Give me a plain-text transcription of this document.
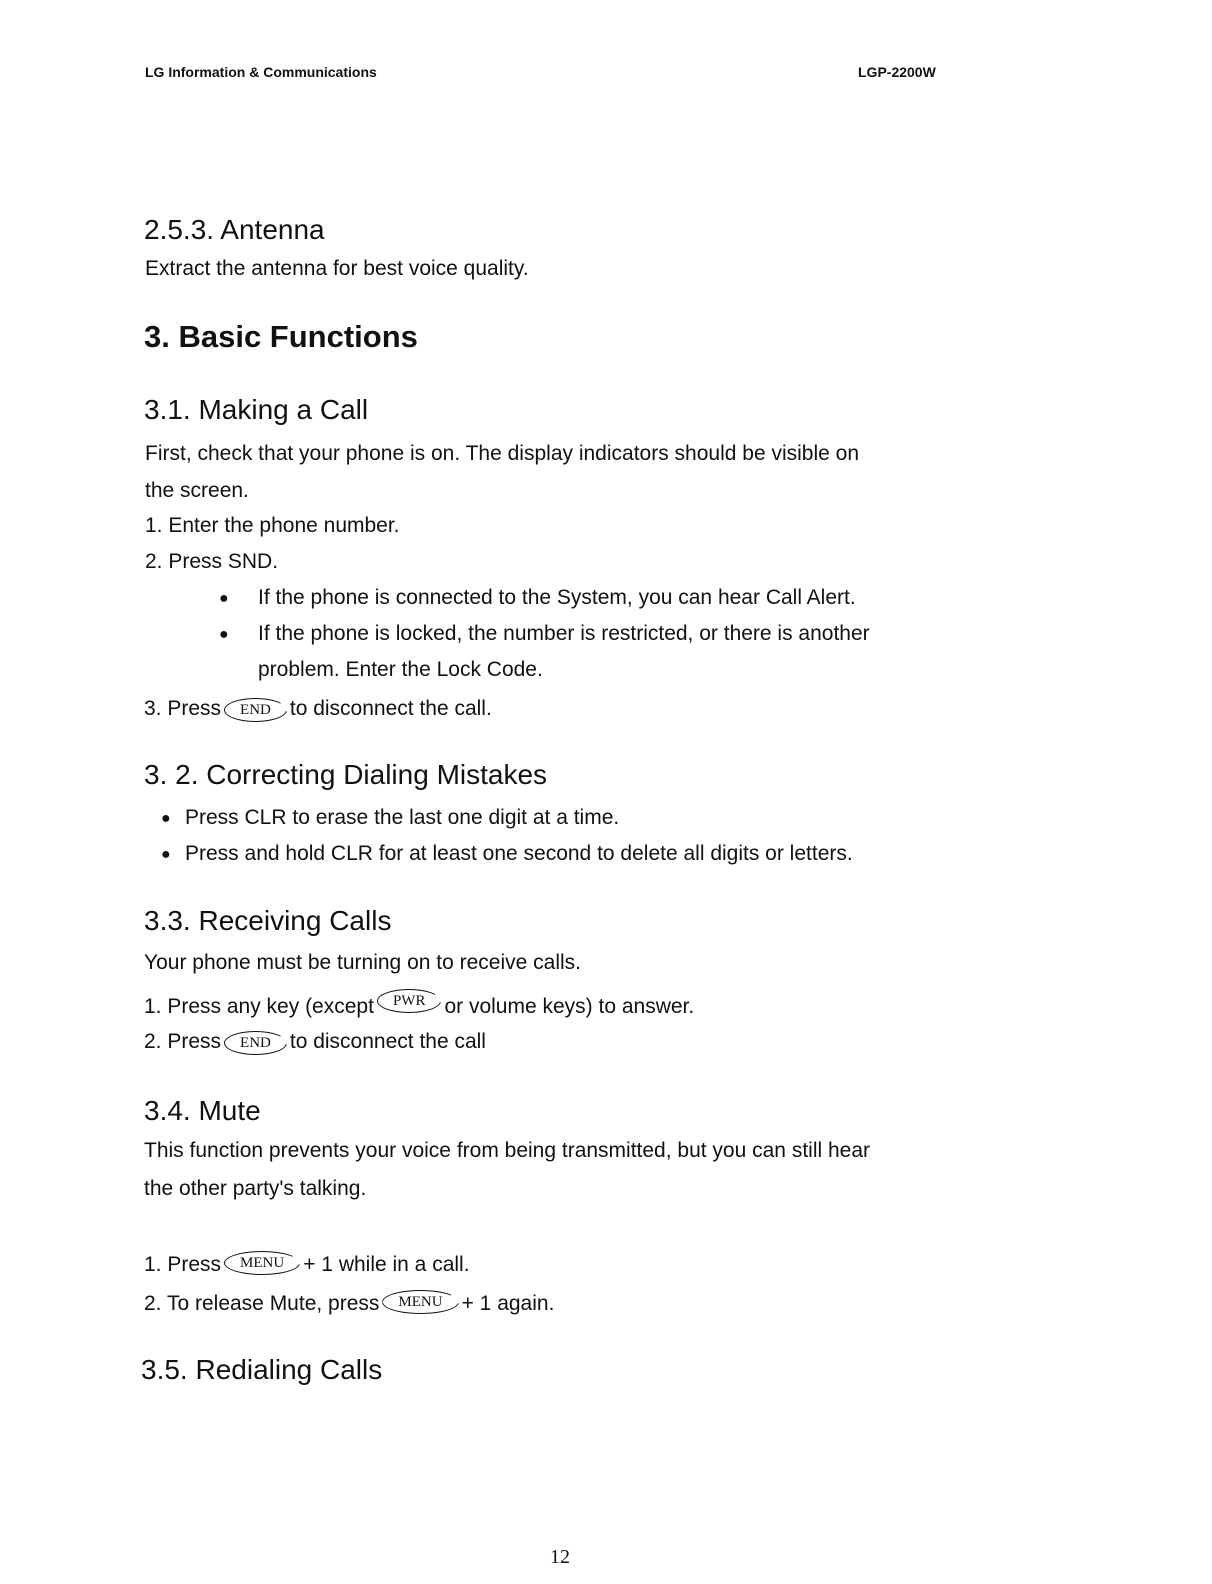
LG Information & Communications	LGP-2200W
2.5.3. Antenna
Extract the antenna for best voice quality.
3. Basic Functions
3.1. Making a Call
First, check that your phone is on. The display indicators should be visible on
the screen.
1. Enter the phone number.
2. Press SND.
● If the phone is connected to the System, you can hear Call Alert.
● If the phone is locked, the number is restricted, or there is another
problem. Enter the Lock Code.
3. Press END to disconnect the call.
3. 2. Correcting Dialing Mistakes
● Press CLR to erase the last one digit at a time.
● Press and hold CLR for at least one second to delete all digits or letters.
3.3. Receiving Calls
Your phone must be turning on to receive calls.
1. Press any key (except PWR or volume keys) to answer.
2. Press END to disconnect the call
3.4. Mute
This function prevents your voice from being transmitted, but you can still hear
the other party's talking.
1. Press MENU + 1 while in a call.
2. To release Mute, press MENU + 1 again.
3.5. Redialing Calls
12
